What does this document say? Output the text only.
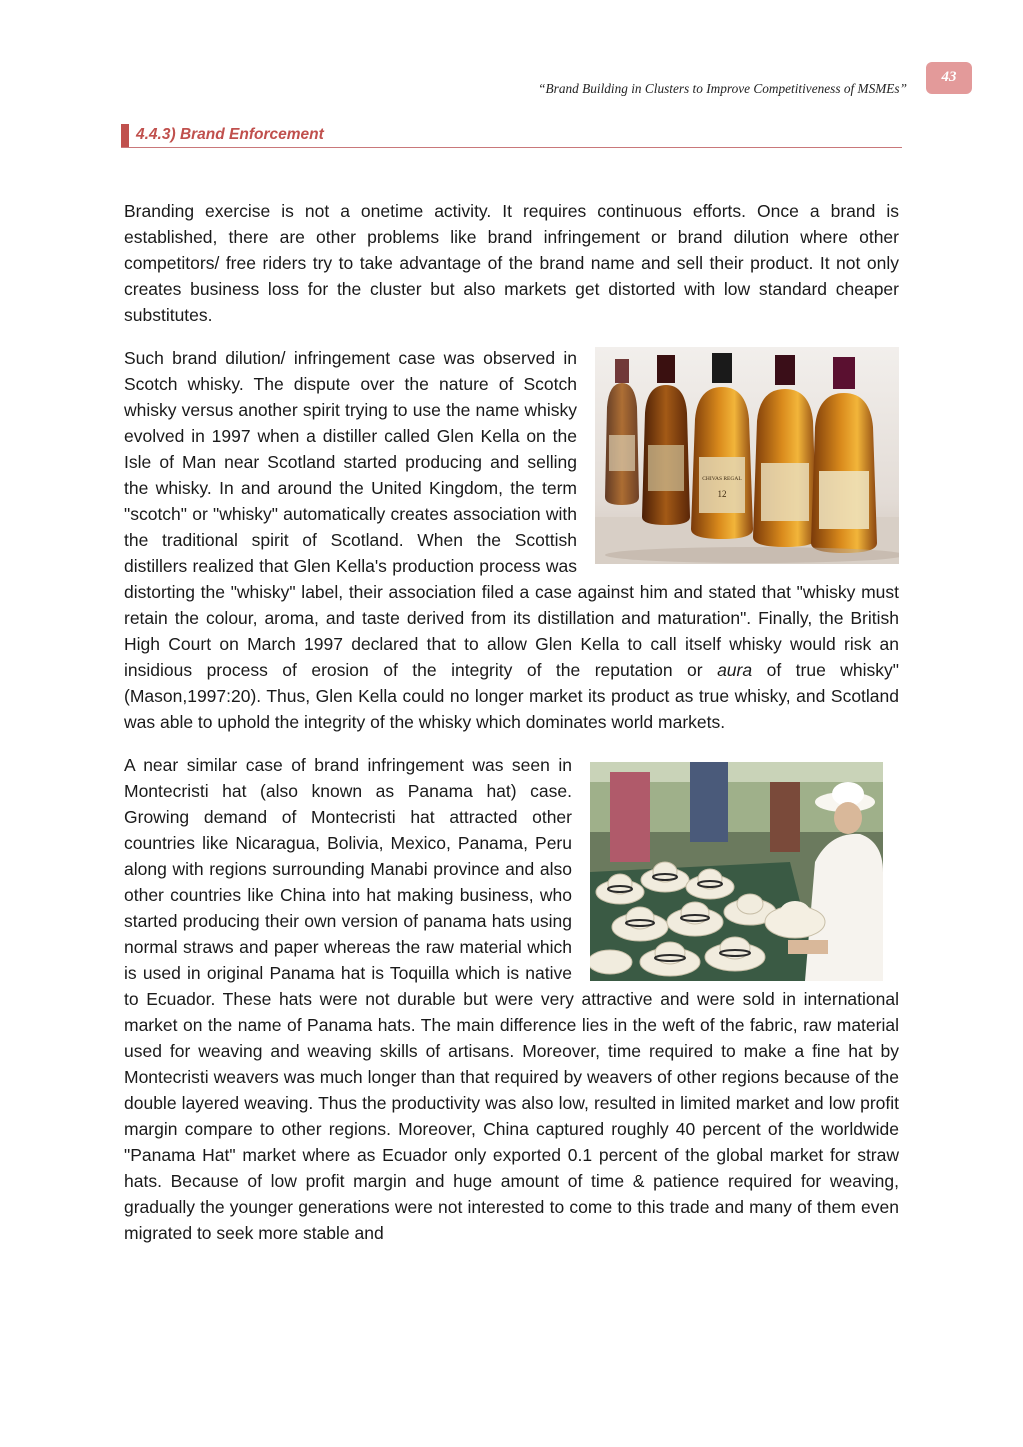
43
“Brand Building in Clusters to Improve Competitiveness of MSMEs”
4.4.3) Brand Enforcement

Branding exercise is not a onetime activity. It requires continuous efforts. Once a brand is established, there are other problems like brand infringement or brand dilution where other competitors/ free riders try to take advantage of the brand name and sell their product. It not only creates business loss for the cluster but also markets get distorted with low standard cheaper substitutes.

CHIVAS REGAL
12
Such brand dilution/ infringement case was observed in Scotch whisky. The dispute over the nature of Scotch whisky versus another spirit trying to use the name whisky evolved in 1997 when a distiller called Glen Kella on the Isle of Man near Scotland started producing and selling the whisky. In and around the United Kingdom, the term "scotch" or "whisky" automatically creates association with the traditional spirit of Scotland. When the Scottish distillers realized that Glen Kella's production process was distorting the "whisky" label, their association filed a case against him and stated that "whisky must retain the colour, aroma, and taste derived from its distillation and maturation". Finally, the British High Court on March 1997 declared that to allow Glen Kella to call itself whisky would risk an insidious process of erosion of the integrity of the reputation or aura of true whisky" (Mason,1997:20). Thus, Glen Kella could no longer market its product as true whisky, and Scotland was able to uphold the integrity of the whisky which dominates world markets.

A near similar case of brand infringement was seen in Montecristi hat (also known as Panama hat) case. Growing demand of Montecristi hat attracted other countries like Nicaragua, Bolivia, Mexico, Panama, Peru along with regions surrounding Manabi province and also other countries like China into hat making business, who started producing their own version of panama hats using normal straws and paper whereas the raw material which is used in original Panama hat is Toquilla which is native to Ecuador. These hats were not durable but were very attractive and were sold in international market on the name of Panama hats. The main difference lies in the weft of the fabric, raw material used for weaving and weaving skills of artisans. Moreover, time required to make a fine hat by Montecristi weavers was much longer than that required by weavers of other regions because of the double layered weaving. Thus the productivity was also low, resulted in limited market and low profit margin compare to other regions. Moreover, China captured roughly 40 percent of the worldwide "Panama Hat" market where as Ecuador only exported 0.1 percent of the global market for straw hats. Because of low profit margin and huge amount of time & patience required for weaving, gradually the younger generations were not interested to come to this trade and many of them even migrated to seek more stable and
